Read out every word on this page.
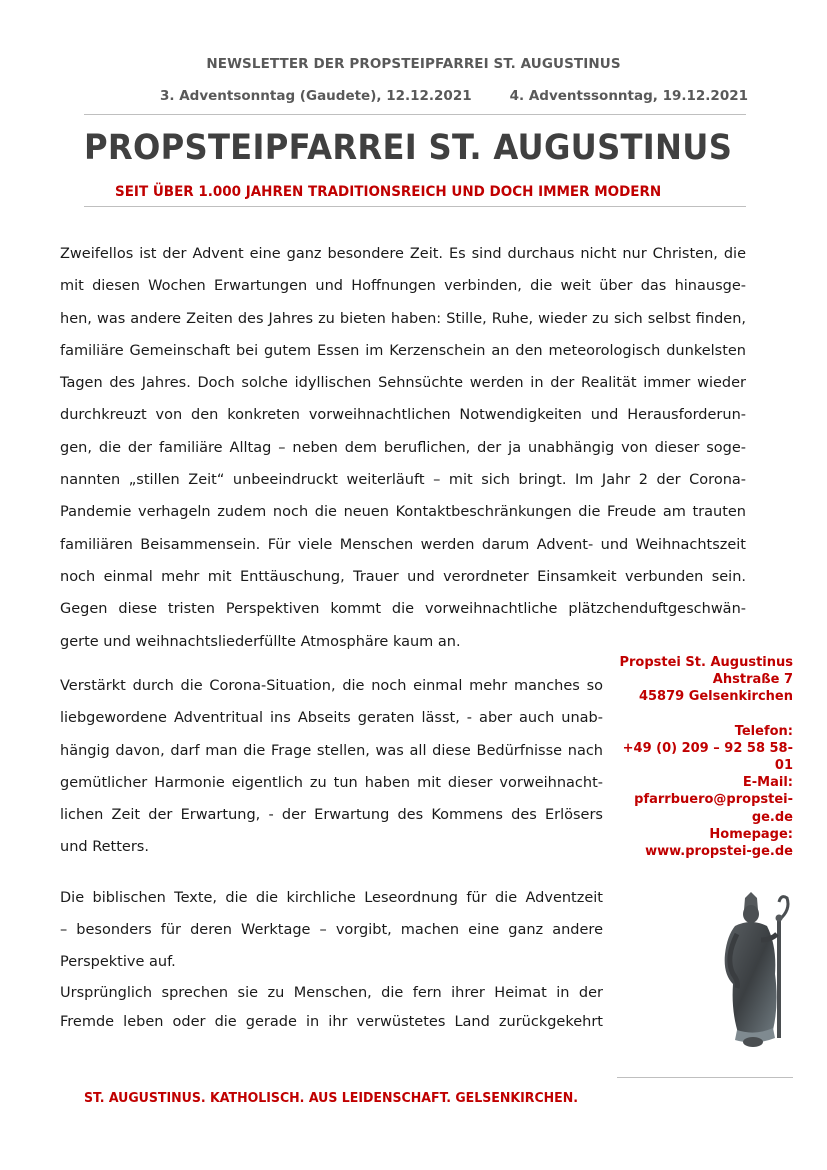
NEWSLETTER DER PROPSTEIPFARREI ST. AUGUSTINUS
3. Adventsonntag (Gaudete), 12.12.2021	4. Adventssonntag, 19.12.2021
PROPSTEIPFARREI ST. AUGUSTINUS
SEIT ÜBER 1.000 JAHREN TRADITIONSREICH UND DOCH IMMER MODERN

Zweifellos ist der Advent eine ganz besondere Zeit. Es sind durchaus nicht nur Christen, die
mit diesen Wochen Erwartungen und Hoffnungen verbinden, die weit über das hinausge-
hen, was andere Zeiten des Jahres zu bieten haben: Stille, Ruhe, wieder zu sich selbst finden,
familiäre Gemeinschaft bei gutem Essen im Kerzenschein an den meteorologisch dunkelsten
Tagen des Jahres. Doch solche idyllischen Sehnsüchte werden in der Realität immer wieder
durchkreuzt von den konkreten vorweihnachtlichen Notwendigkeiten und Herausforderun-
gen, die der familiäre Alltag – neben dem beruflichen, der ja unabhängig von dieser soge-
nannten „stillen Zeit“ unbeeindruckt weiterläuft – mit sich bringt. Im Jahr 2 der Corona-
Pandemie verhageln zudem noch die neuen Kontaktbeschränkungen die Freude am trauten
familiären Beisammensein. Für viele Menschen werden darum Advent- und Weihnachtszeit
noch einmal mehr mit Enttäuschung, Trauer und verordneter Einsamkeit verbunden sein.
Gegen diese tristen Perspektiven kommt die vorweihnachtliche plätzchenduftgeschwän-
gerte und weihnachtsliederfüllte Atmosphäre kaum an.

Verstärkt durch die Corona-Situation, die noch einmal mehr manches so
liebgewordene Adventritual ins Abseits geraten lässt, - aber auch unab-
hängig davon, darf man die Frage stellen, was all diese Bedürfnisse nach
gemütlicher Harmonie eigentlich zu tun haben mit dieser vorweihnacht-
lichen Zeit der Erwartung, - der Erwartung des Kommens des Erlösers
und Retters.

Die biblischen Texte, die die kirchliche Leseordnung für die Adventzeit
– besonders für deren Werktage – vorgibt, machen eine ganz andere
Perspektive auf.

Ursprünglich sprechen sie zu Menschen, die fern ihrer Heimat in der
Fremde leben oder die gerade in ihr verwüstetes Land zurückgekehrt

Propstei St. Augustinus
Ahstraße 7
45879 Gelsenkirchen
Telefon:
+49 (0) 209 – 92 58 58-
01
E-Mail:
pfarrbuero@propstei-
ge.de
Homepage:
www.propstei-ge.de
ST. AUGUSTINUS. KATHOLISCH. AUS LEIDENSCHAFT. GELSENKIRCHEN.
